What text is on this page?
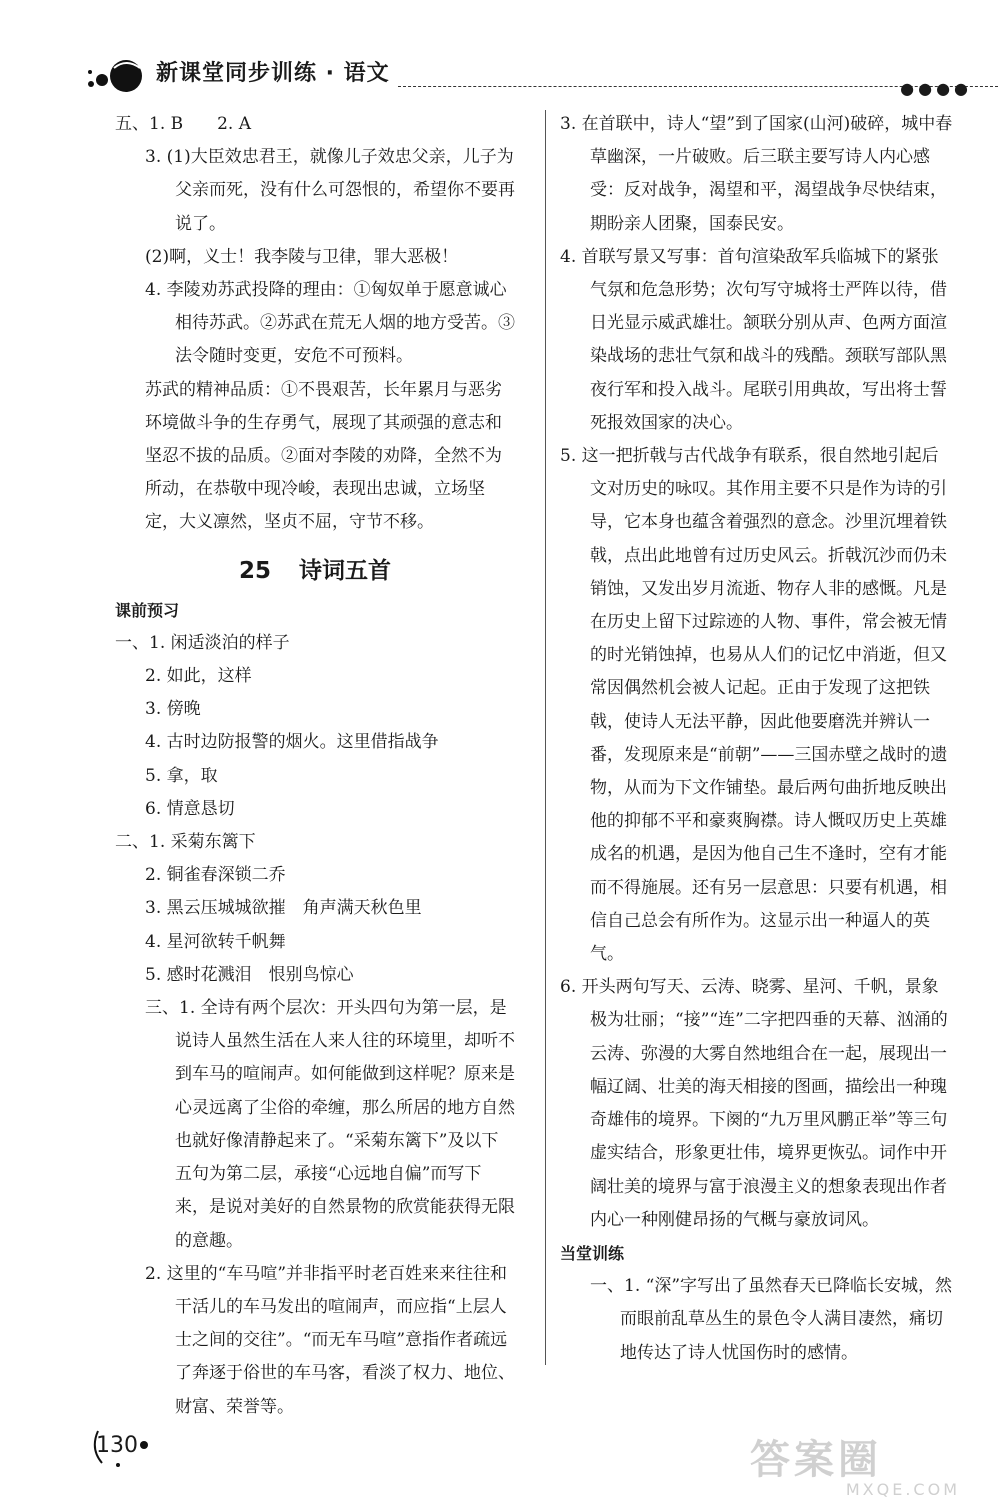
新课堂同步训练 · 语文
●●●●

五、1. B　　2. A

3. (1)大臣效忠君王，就像儿子效忠父亲，儿子为父亲而死，没有什么可怨恨的，希望你不要再说了。

(2)啊，义士！我李陵与卫律，罪大恶极！

4. 李陵劝苏武投降的理由：①匈奴单于愿意诚心相待苏武。②苏武在荒无人烟的地方受苦。③法令随时变更，安危不可预料。

苏武的精神品质：①不畏艰苦，长年累月与恶劣环境做斗争的生存勇气，展现了其顽强的意志和坚忍不拔的品质。②面对李陵的劝降，全然不为所动，在恭敬中现冷峻，表现出忠诚，立场坚定，大义凛然，坚贞不屈，守节不移。

25 诗词五首

课前预习

一、1. 闲适淡泊的样子

2. 如此，这样

3. 傍晚

4. 古时边防报警的烟火。这里借指战争

5. 拿，取

6. 情意恳切

二、1. 采菊东篱下

2. 铜雀春深锁二乔

3. 黑云压城城欲摧　角声满天秋色里

4. 星河欲转千帆舞

5. 感时花溅泪　恨别鸟惊心

三、1. 全诗有两个层次：开头四句为第一层，是说诗人虽然生活在人来人往的环境里，却听不到车马的喧闹声。如何能做到这样呢？原来是心灵远离了尘俗的牵缠，那么所居的地方自然也就好像清静起来了。“采菊东篱下”及以下五句为第二层，承接“心远地自偏”而写下来，是说对美好的自然景物的欣赏能获得无限的意趣。

2. 这里的“车马喧”并非指平时老百姓来来往往和干活儿的车马发出的喧闹声，而应指“上层人士之间的交往”。“而无车马喧”意指作者疏远了奔逐于俗世的车马客，看淡了权力、地位、财富、荣誉等。

3. 在首联中，诗人“望”到了国家(山河)破碎，城中春草幽深，一片破败。后三联主要写诗人内心感受：反对战争，渴望和平，渴望战争尽快结束，期盼亲人团聚，国泰民安。

4. 首联写景又写事：首句渲染敌军兵临城下的紧张气氛和危急形势；次句写守城将士严阵以待，借日光显示威武雄壮。颔联分别从声、色两方面渲染战场的悲壮气氛和战斗的残酷。颈联写部队黑夜行军和投入战斗。尾联引用典故，写出将士誓死报效国家的决心。

5. 这一把折戟与古代战争有联系，很自然地引起后文对历史的咏叹。其作用主要不只是作为诗的引导，它本身也蕴含着强烈的意念。沙里沉埋着铁戟，点出此地曾有过历史风云。折戟沉沙而仍未销蚀，又发出岁月流逝、物存人非的感慨。凡是在历史上留下过踪迹的人物、事件，常会被无情的时光销蚀掉，也易从人们的记忆中消逝，但又常因偶然机会被人记起。正由于发现了这把铁戟，使诗人无法平静，因此他要磨洗并辨认一番，发现原来是“前朝”——三国赤壁之战时的遗物，从而为下文作铺垫。最后两句曲折地反映出他的抑郁不平和豪爽胸襟。诗人慨叹历史上英雄成名的机遇，是因为他自己生不逢时，空有才能而不得施展。还有另一层意思：只要有机遇，相信自己总会有所作为。这显示出一种逼人的英气。

6. 开头两句写天、云涛、晓雾、星河、千帆，景象极为壮丽；“接”“连”二字把四垂的天幕、汹涌的云涛、弥漫的大雾自然地组合在一起，展现出一幅辽阔、壮美的海天相接的图画，描绘出一种瑰奇雄伟的境界。下阕的“九万里风鹏正举”等三句虚实结合，形象更壮伟，境界更恢弘。词作中开阔壮美的境界与富于浪漫主义的想象表现出作者内心一种刚健昂扬的气概与豪放词风。

当堂训练

一、1. “深”字写出了虽然春天已降临长安城，然而眼前乱草丛生的景色令人满目凄然，痛切地传达了诗人忧国伤时的感情。

130	答案圈
MXQE.COM
